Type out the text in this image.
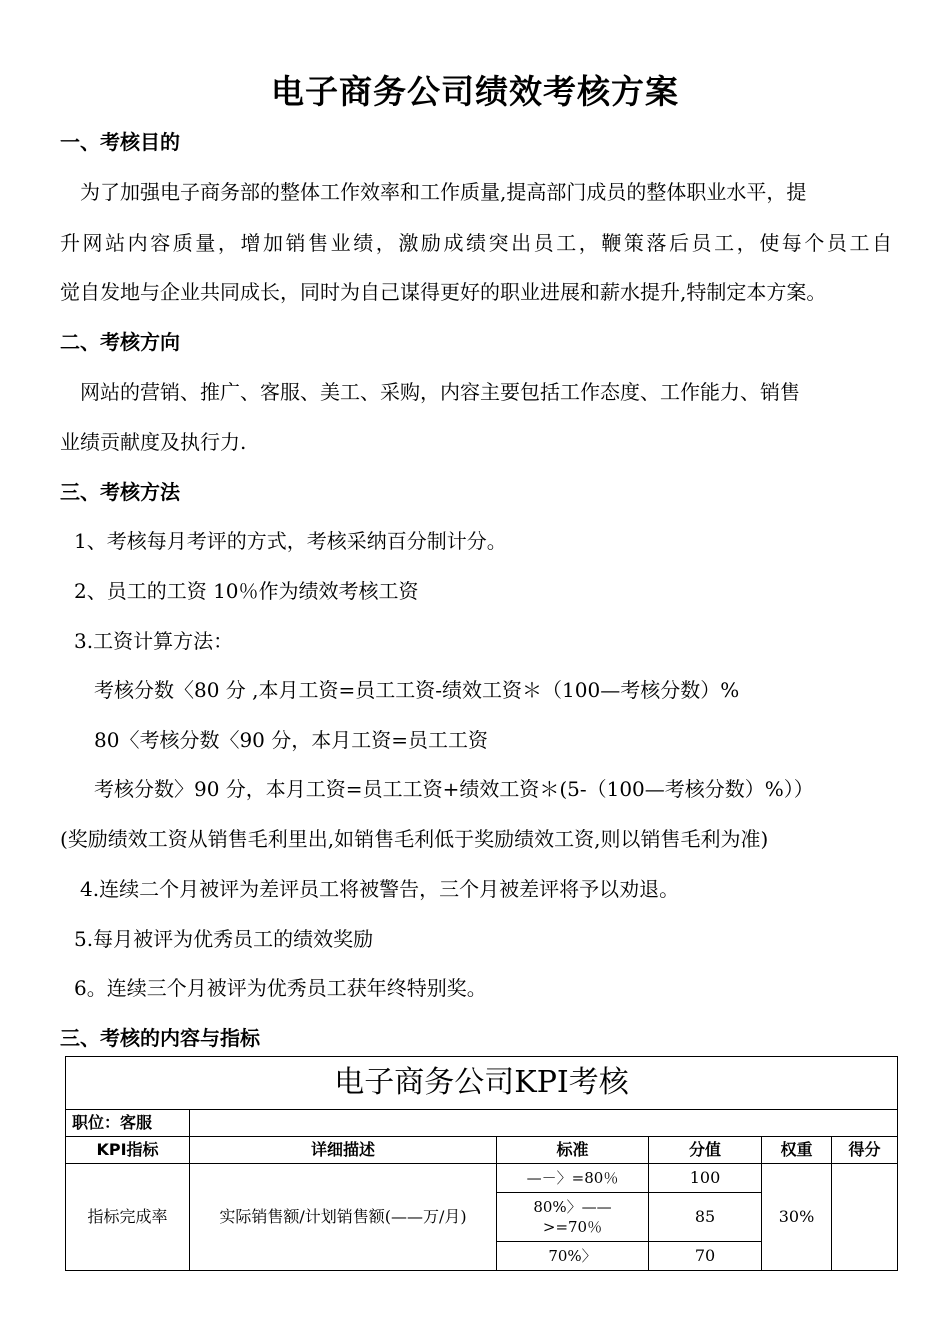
电子商务公司绩效考核方案
一、考核目的
为了加强电子商务部的整体工作效率和工作质量,提高部门成员的整体职业水平，提
升网站内容质量，增加销售业绩，激励成绩突出员工，鞭策落后员工，使每个员工自
觉自发地与企业共同成长，同时为自己谋得更好的职业进展和薪水提升,特制定本方案。
二、考核方向
网站的营销、推广、客服、美工、采购，内容主要包括工作态度、工作能力、销售
业绩贡献度及执行力.
三、考核方法
1、考核每月考评的方式，考核采纳百分制计分。
2、员工的工资 10％作为绩效考核工资
3.工资计算方法：
考核分数〈80 分 ,本月工资=员工工资-绩效工资＊（100—考核分数）%
80〈考核分数〈90 分，本月工资=员工工资
考核分数〉90 分，本月工资=员工工资+绩效工资＊(5-（100—考核分数）%））
(奖励绩效工资从销售毛利里出,如销售毛利低于奖励绩效工资,则以销售毛利为准)
4.连续二个月被评为差评员工将被警告，三个月被差评将予以劝退。
5.每月被评为优秀员工的绩效奖励
6。连续三个月被评为优秀员工获年终特别奖。
三、考核的内容与指标
电子商务公司KPI考核					
职位：客服					
KPI指标	详细描述	标准	分值	权重	得分
指标完成率	实际销售额/计划销售额(——万/月)	—－〉=80％	100	30%	
		80%〉——>=70％	85		
		70%〉	70		
